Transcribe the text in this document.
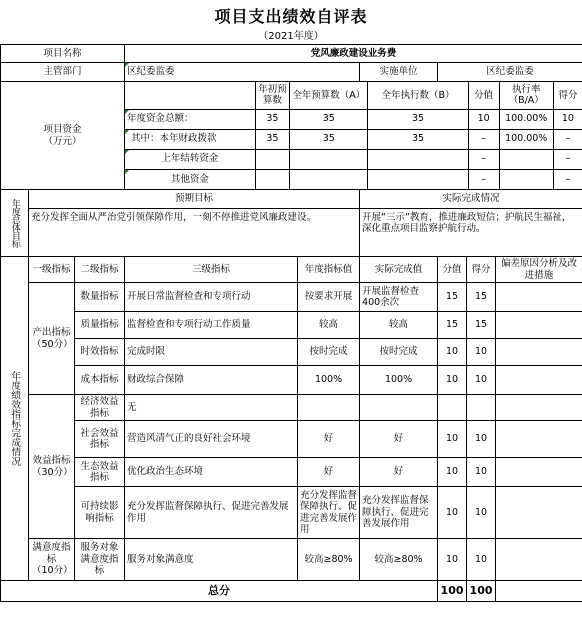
项目支出绩效自评表
（2021年度）
项目名称	党风廉政建设业务费
主管部门	区纪委监委	实施单位	区纪委监委
项目资金
（万元）	
	年初预算数	全年预算数（A）	全年执行数（B）	分值	执行率（B/A）	得分
年度资金总额：	35	35	35	10	100.00%	10
其中：本年财政拨款	35	35	35	–	100.00%	–
上年结转资金				–		–
其他资金				–		–

年度总体目标	预期目标	实际完成情况
充分发挥全面从严治党引领保障作用，一刻不停推进党风廉政建设。	开展“三示”教育，推进廉政短信；护航民生福祉，深化重点项目监察护航行动。
年度绩效指标完成情况	一级指标	二级指标	三级指标	年度指标值	实际完成值	分值	得分	偏差原因分析及改进措施
产出指标
（50分）	数量指标	开展日常监督检查和专项行动	按要求开展	开展监督检查400余次	15	15	
质量指标	监督检查和专项行动工作质量	较高	较高	15	15	
时效指标	完成时限	按时完成	按时完成	10	10	
成本指标	财政综合保障	100%	100%	10	10	
效益指标
（30分）	经济效益指标	无					
社会效益指标	营造风清气正的良好社会环境	好	好	10	10	
生态效益指标	优化政治生态环境	好	好	10	10	
可持续影响指标	充分发挥监督保障执行、促进完善发展作用	充分发挥监督保障执行、促进完善发展作用	充分发挥监督保障执行、促进完善发展作用	10	10	
满意度指标
（10分）	服务对象满意度指标	服务对象满意度	较高≥80%	较高≥80%	10	10	
总分	100	100	
